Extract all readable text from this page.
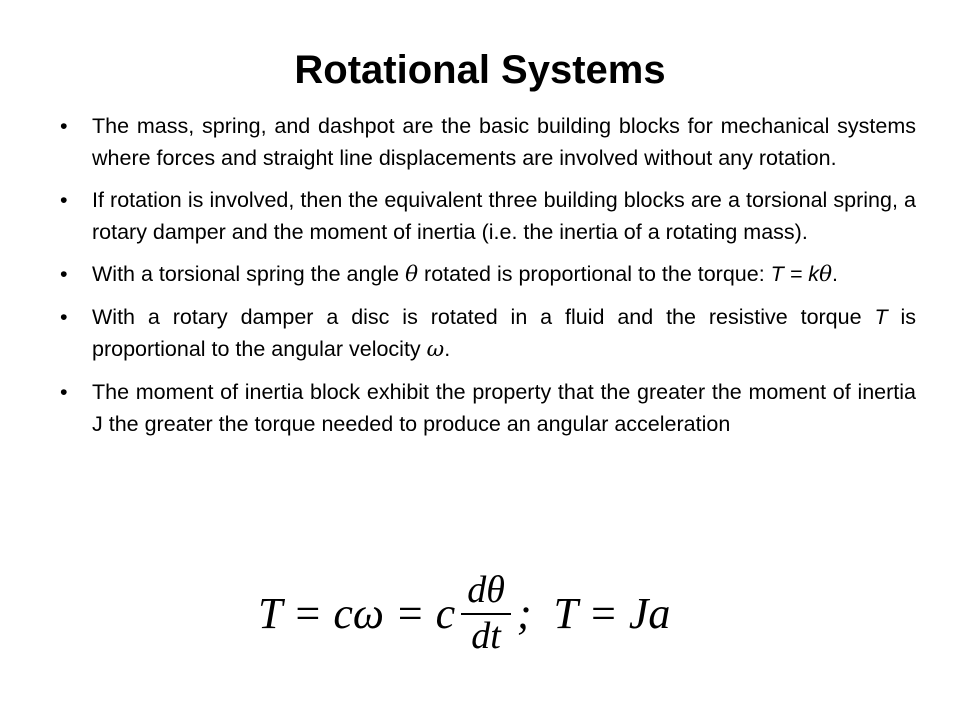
Rotational Systems
•	The mass, spring, and dashpot are the basic building blocks for mechanical systems where forces and straight line displacements are involved without any rotation.
•	If rotation is involved, then the equivalent three building blocks are a torsional spring, a rotary damper and the moment of inertia (i.e. the inertia of a rotating mass).
•	With a torsional spring the angle θ rotated is proportional to the torque: T = kθ.
•	With a rotary damper a disc is rotated in a fluid and the resistive torque T is proportional to the angular velocity ω.
•	The moment of inertia block exhibit the property that the greater the moment of inertia J the greater the torque needed to produce an angular acceleration
T = cω = c $\frac{d\theta}{dt}$ ;  T = Ja
